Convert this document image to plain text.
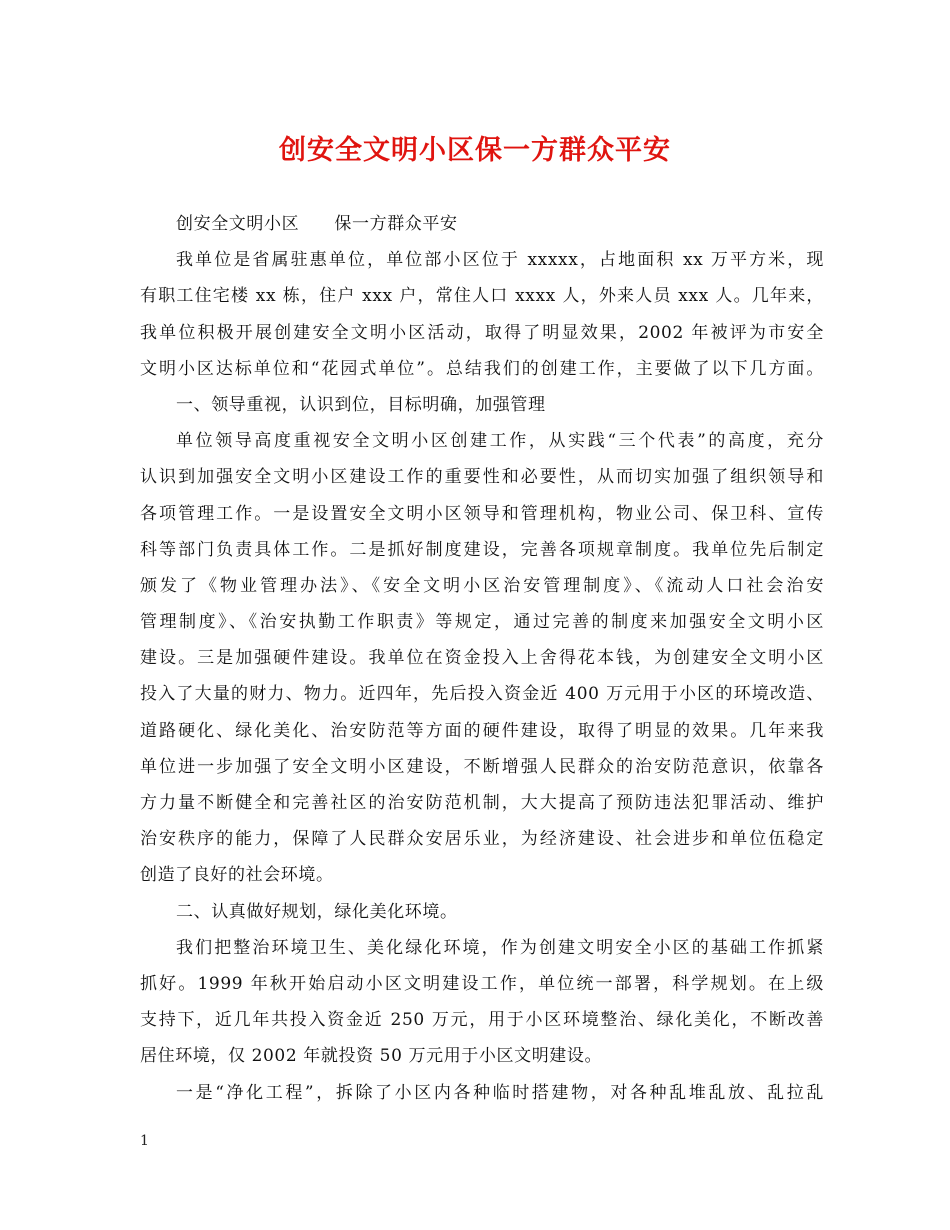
创安全文明小区保一方群众平安
创安全文明小区　　保一方群众平安
我单位是省属驻惠单位，单位部小区位于 xxxxx，占地面积 xx 万平方米，现
有职工住宅楼 xx 栋，住户 xxx 户，常住人口 xxxx 人，外来人员 xxx 人。几年来，
我单位积极开展创建安全文明小区活动，取得了明显效果，2002 年被评为市安全
文明小区达标单位和“花园式单位”。总结我们的创建工作，主要做了以下几方面。
一、领导重视，认识到位，目标明确，加强管理
单位领导高度重视安全文明小区创建工作，从实践“三个代表”的高度，充分
认识到加强安全文明小区建设工作的重要性和必要性，从而切实加强了组织领导和
各项管理工作。一是设置安全文明小区领导和管理机构，物业公司、保卫科、宣传
科等部门负责具体工作。二是抓好制度建设，完善各项规章制度。我单位先后制定
颁发了《物业管理办法》、《安全文明小区治安管理制度》、《流动人口社会治安
管理制度》、《治安执勤工作职责》等规定，通过完善的制度来加强安全文明小区
建设。三是加强硬件建设。我单位在资金投入上舍得花本钱，为创建安全文明小区
投入了大量的财力、物力。近四年，先后投入资金近 400 万元用于小区的环境改造、
道路硬化、绿化美化、治安防范等方面的硬件建设，取得了明显的效果。几年来我
单位进一步加强了安全文明小区建设，不断增强人民群众的治安防范意识，依靠各
方力量不断健全和完善社区的治安防范机制，大大提高了预防违法犯罪活动、维护
治安秩序的能力，保障了人民群众安居乐业，为经济建设、社会进步和单位伍稳定
创造了良好的社会环境。
二、认真做好规划，绿化美化环境。
我们把整治环境卫生、美化绿化环境，作为创建文明安全小区的基础工作抓紧
抓好。1999 年秋开始启动小区文明建设工作，单位统一部署，科学规划。在上级
支持下，近几年共投入资金近 250 万元，用于小区环境整治、绿化美化，不断改善
居住环境，仅 2002 年就投资 50 万元用于小区文明建设。
一是“净化工程”，拆除了小区内各种临时搭建物，对各种乱堆乱放、乱拉乱
1
